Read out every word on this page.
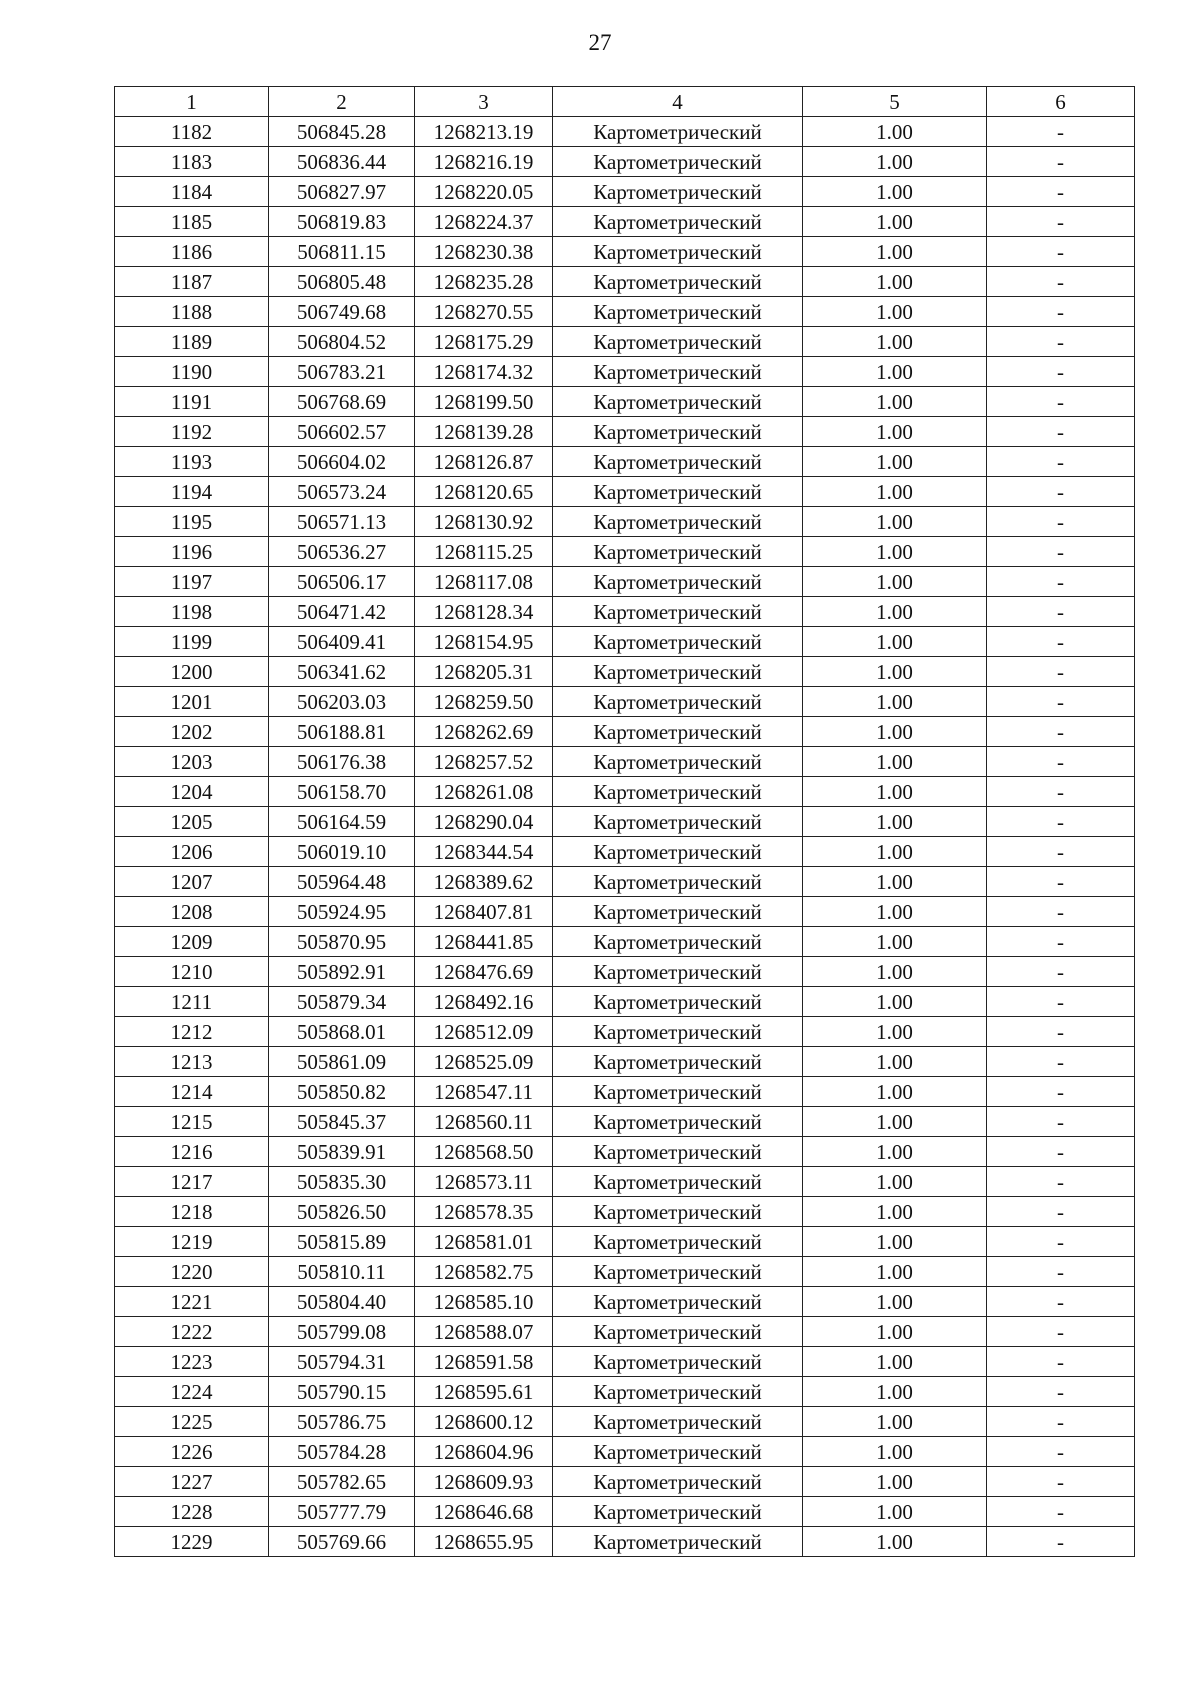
27
1	2	3	4	5	6
1182	506845.28	1268213.19	Картометрический	1.00	-
1183	506836.44	1268216.19	Картометрический	1.00	-
1184	506827.97	1268220.05	Картометрический	1.00	-
1185	506819.83	1268224.37	Картометрический	1.00	-
1186	506811.15	1268230.38	Картометрический	1.00	-
1187	506805.48	1268235.28	Картометрический	1.00	-
1188	506749.68	1268270.55	Картометрический	1.00	-
1189	506804.52	1268175.29	Картометрический	1.00	-
1190	506783.21	1268174.32	Картометрический	1.00	-
1191	506768.69	1268199.50	Картометрический	1.00	-
1192	506602.57	1268139.28	Картометрический	1.00	-
1193	506604.02	1268126.87	Картометрический	1.00	-
1194	506573.24	1268120.65	Картометрический	1.00	-
1195	506571.13	1268130.92	Картометрический	1.00	-
1196	506536.27	1268115.25	Картометрический	1.00	-
1197	506506.17	1268117.08	Картометрический	1.00	-
1198	506471.42	1268128.34	Картометрический	1.00	-
1199	506409.41	1268154.95	Картометрический	1.00	-
1200	506341.62	1268205.31	Картометрический	1.00	-
1201	506203.03	1268259.50	Картометрический	1.00	-
1202	506188.81	1268262.69	Картометрический	1.00	-
1203	506176.38	1268257.52	Картометрический	1.00	-
1204	506158.70	1268261.08	Картометрический	1.00	-
1205	506164.59	1268290.04	Картометрический	1.00	-
1206	506019.10	1268344.54	Картометрический	1.00	-
1207	505964.48	1268389.62	Картометрический	1.00	-
1208	505924.95	1268407.81	Картометрический	1.00	-
1209	505870.95	1268441.85	Картометрический	1.00	-
1210	505892.91	1268476.69	Картометрический	1.00	-
1211	505879.34	1268492.16	Картометрический	1.00	-
1212	505868.01	1268512.09	Картометрический	1.00	-
1213	505861.09	1268525.09	Картометрический	1.00	-
1214	505850.82	1268547.11	Картометрический	1.00	-
1215	505845.37	1268560.11	Картометрический	1.00	-
1216	505839.91	1268568.50	Картометрический	1.00	-
1217	505835.30	1268573.11	Картометрический	1.00	-
1218	505826.50	1268578.35	Картометрический	1.00	-
1219	505815.89	1268581.01	Картометрический	1.00	-
1220	505810.11	1268582.75	Картометрический	1.00	-
1221	505804.40	1268585.10	Картометрический	1.00	-
1222	505799.08	1268588.07	Картометрический	1.00	-
1223	505794.31	1268591.58	Картометрический	1.00	-
1224	505790.15	1268595.61	Картометрический	1.00	-
1225	505786.75	1268600.12	Картометрический	1.00	-
1226	505784.28	1268604.96	Картометрический	1.00	-
1227	505782.65	1268609.93	Картометрический	1.00	-
1228	505777.79	1268646.68	Картометрический	1.00	-
1229	505769.66	1268655.95	Картометрический	1.00	-
